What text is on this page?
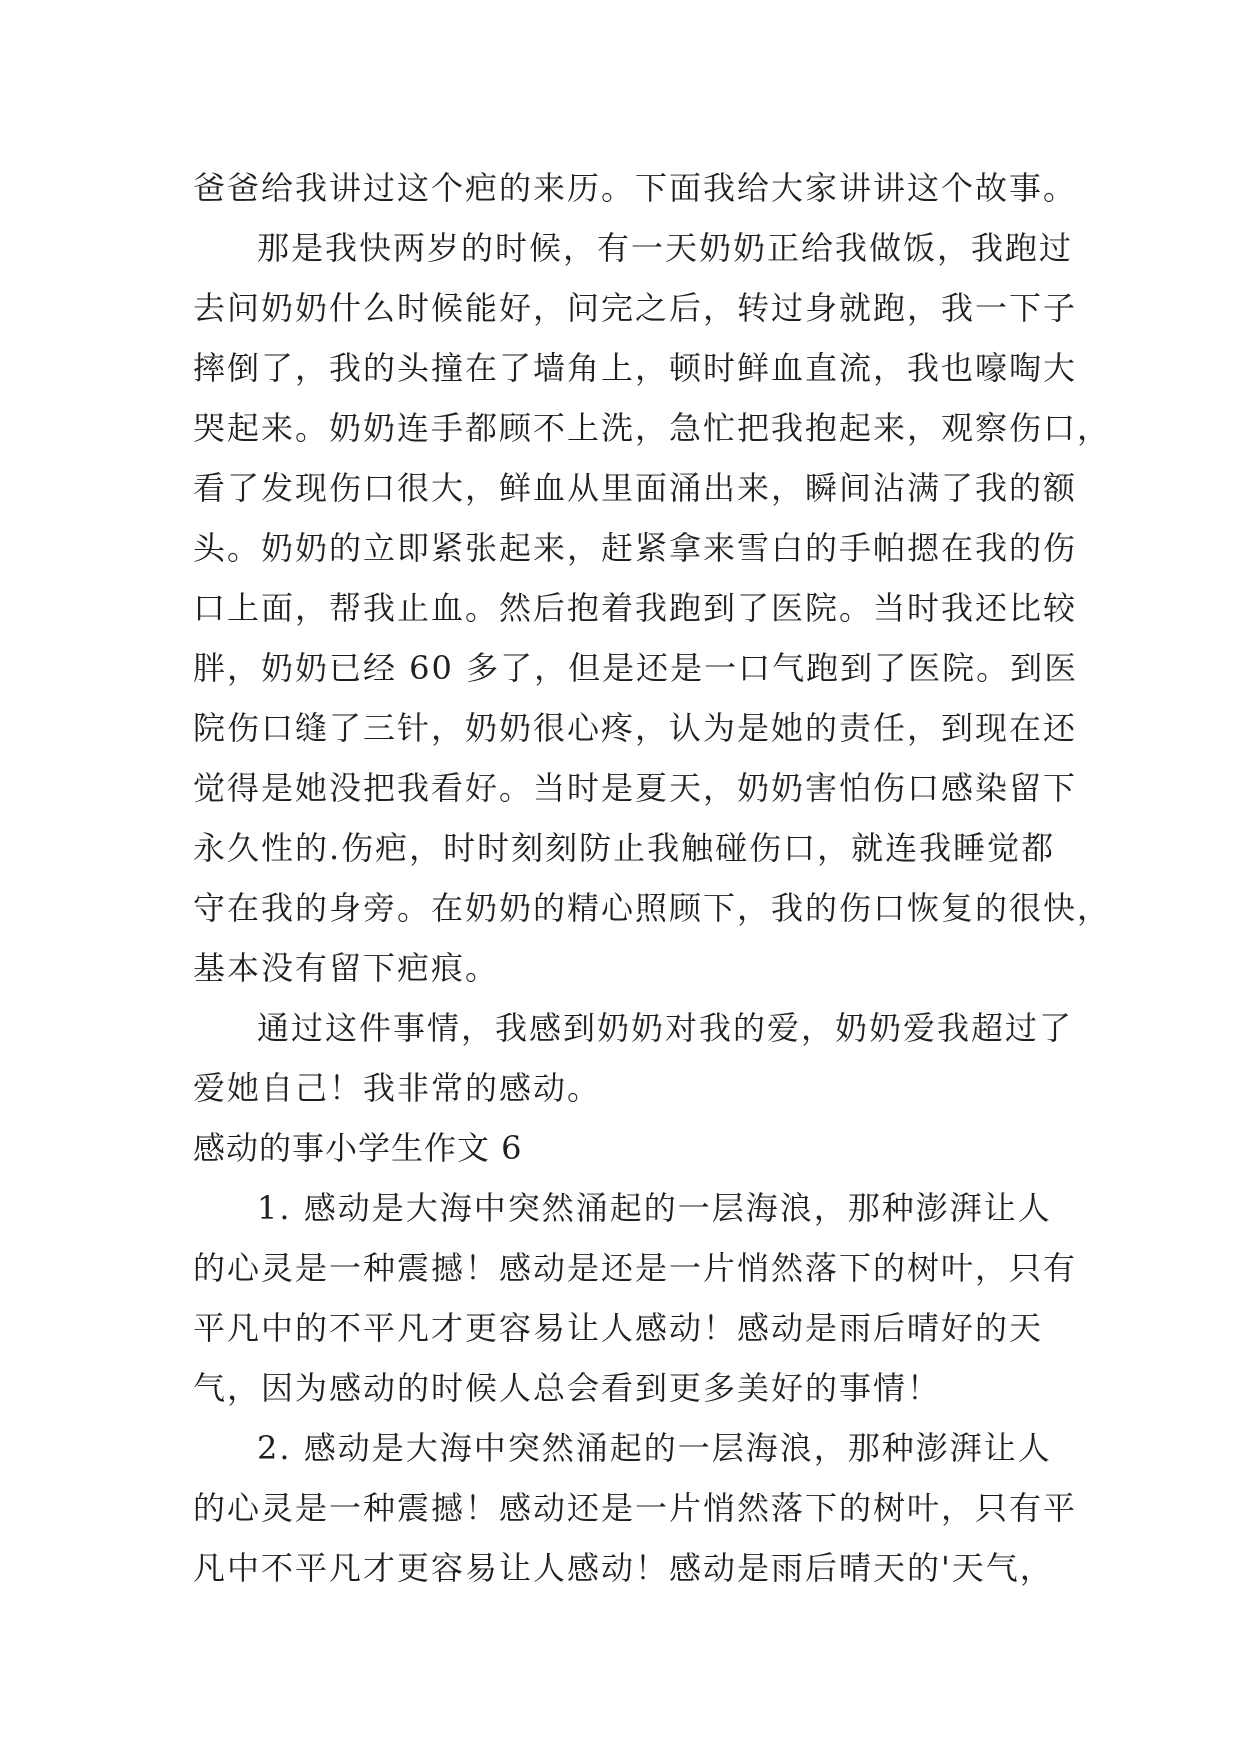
爸爸给我讲过这个疤的来历。下面我给大家讲讲这个故事。
那是我快两岁的时候，有一天奶奶正给我做饭，我跑过
去问奶奶什么时候能好，问完之后，转过身就跑，我一下子
摔倒了，我的头撞在了墙角上，顿时鲜血直流，我也嚎啕大
哭起来。奶奶连手都顾不上洗，急忙把我抱起来，观察伤口，
看了发现伤口很大，鲜血从里面涌出来，瞬间沾满了我的额
头。奶奶的立即紧张起来，赶紧拿来雪白的手帕摁在我的伤
口上面，帮我止血。然后抱着我跑到了医院。当时我还比较
胖，奶奶已经 60 多了，但是还是一口气跑到了医院。到医
院伤口缝了三针，奶奶很心疼，认为是她的责任，到现在还
觉得是她没把我看好。当时是夏天，奶奶害怕伤口感染留下
永久性的.伤疤，时时刻刻防止我触碰伤口，就连我睡觉都
守在我的身旁。在奶奶的精心照顾下，我的伤口恢复的很快，
基本没有留下疤痕。
通过这件事情，我感到奶奶对我的爱，奶奶爱我超过了
爱她自己！我非常的感动。
感动的事小学生作文 6
1. 感动是大海中突然涌起的一层海浪，那种澎湃让人
的心灵是一种震撼！感动是还是一片悄然落下的树叶，只有
平凡中的不平凡才更容易让人感动！感动是雨后晴好的天
气，因为感动的时候人总会看到更多美好的事情！
2. 感动是大海中突然涌起的一层海浪，那种澎湃让人
的心灵是一种震撼！感动还是一片悄然落下的树叶，只有平
凡中不平凡才更容易让人感动！感动是雨后晴天的'天气，
